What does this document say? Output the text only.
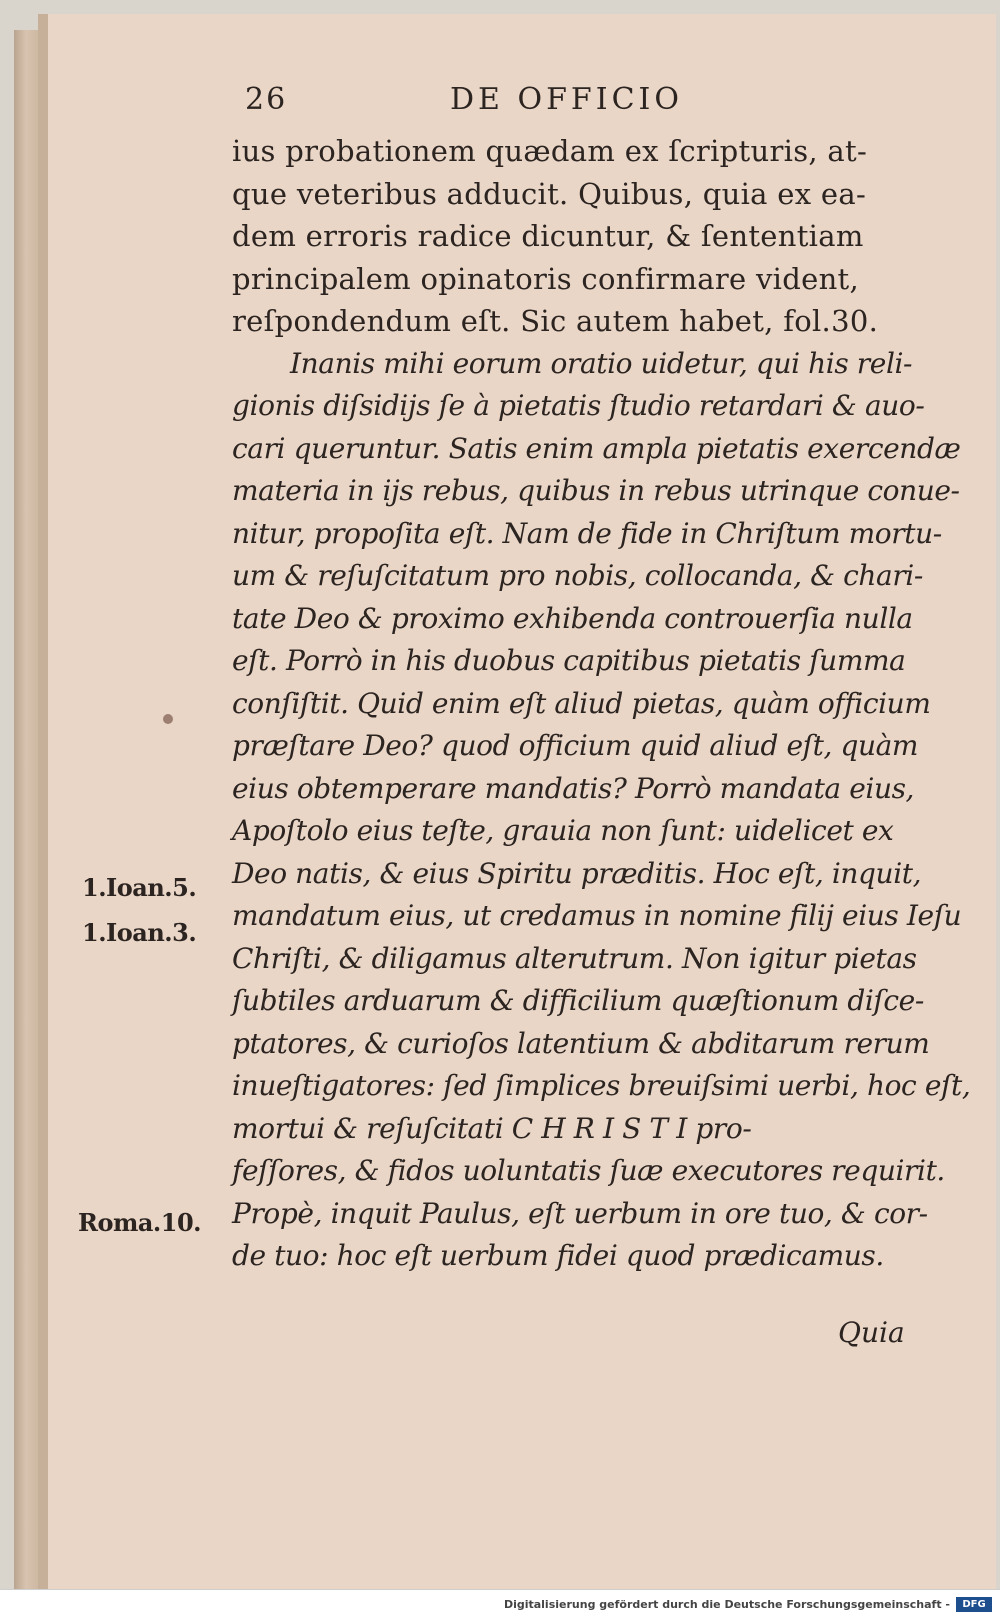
26	DE OFFICIO
ius probationem quædam ex ſcripturis, at-
que veteribus adducit. Quibus, quia ex ea-
dem erroris radice dicuntur, & ſententiam
principalem opinatoris confirmare vident,
reſpondendum eſt. Sic autem habet, fol.30.
Inanis mihi eorum oratio uidetur, qui his reli-
gionis diſsidijs ſe à pietatis ſtudio retardari & auo-
cari queruntur. Satis enim ampla pietatis exercendæ
materia in ijs rebus, quibus in rebus utrinque conue-
nitur, propoſita eſt. Nam de fide in Chriſtum mortu-
um & reſuſcitatum pro nobis, collocanda, & chari-
tate Deo & proximo exhibenda controuerſia nulla
eſt. Porrò in his duobus capitibus pietatis ſumma
conſiſtit. Quid enim eſt aliud pietas, quàm officium
præſtare Deo? quod officium quid aliud eſt, quàm
eius obtemperare mandatis? Porrò mandata eius,
Apoſtolo eius teſte, grauia non ſunt: uidelicet ex
Deo natis, & eius Spiritu præditis. Hoc eſt, inquit,
mandatum eius, ut credamus in nomine filij eius Ieſu
Chriſti, & diligamus alterutrum. Non igitur pietas
ſubtiles arduarum & difficilium quæſtionum diſce-
ptatores, & curioſos latentium & abditarum rerum
inueſtigatores: ſed ſimplices breuiſsimi uerbi, hoc eſt,
mortui & reſuſcitati C H R I S T I pro-
feſſores, & fidos uoluntatis ſuæ executores requirit.
Propè, inquit Paulus, eſt uerbum in ore tuo, & cor-
de tuo: hoc eſt uerbum fidei quod prædicamus.
Quia
1.Ioan.5.
1.Ioan.3.
Roma.10.
Digitalisierung gefördert durch die Deutsche Forschungsgemeinschaft -	DFG
